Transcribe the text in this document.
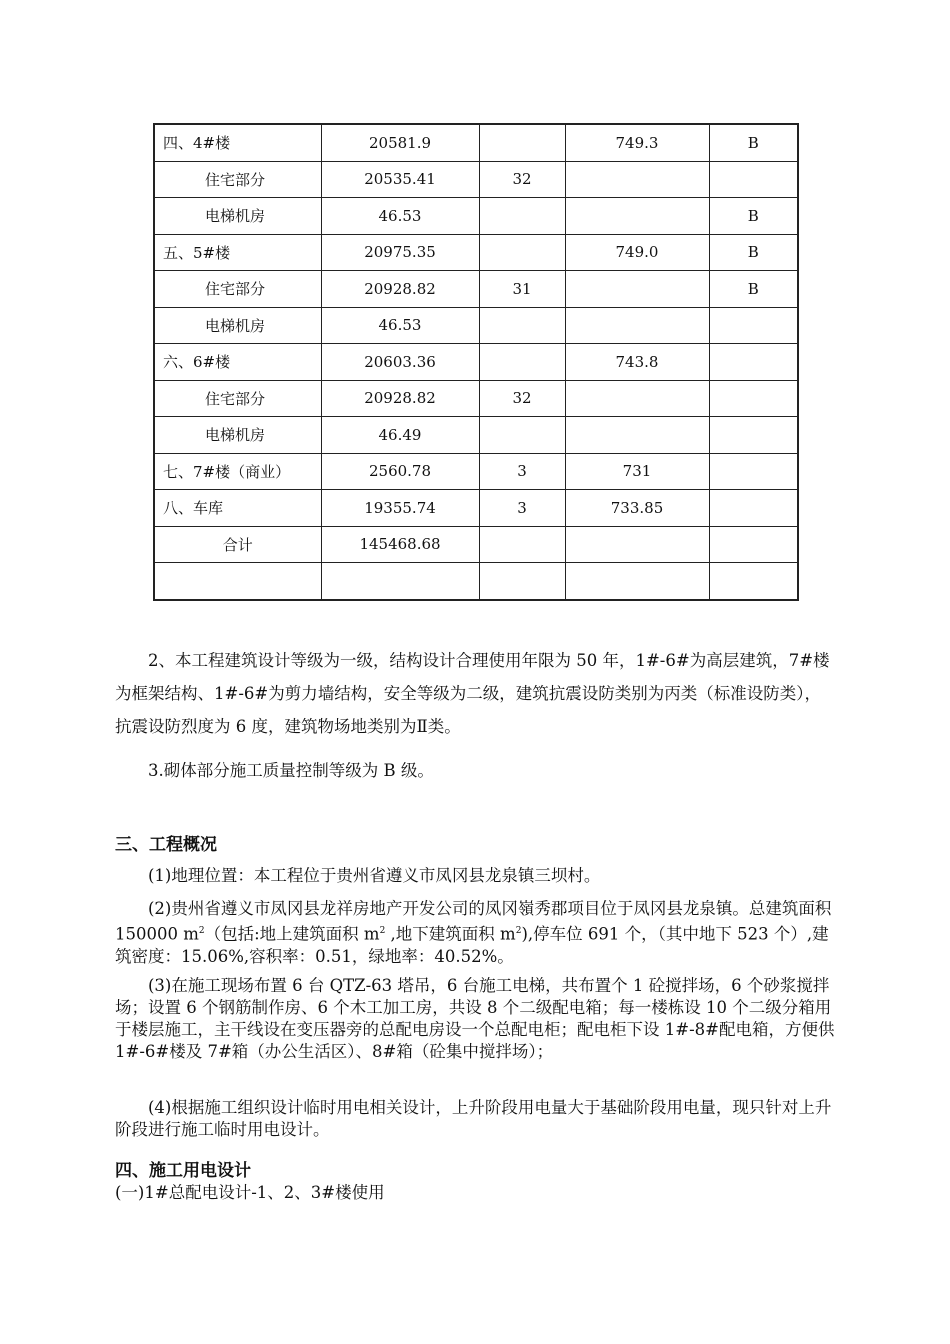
四、4#楼	20581.9		749.3	B
住宅部分	20535.41	32		
电梯机房	46.53			B
五、5#楼	20975.35		749.0	B
住宅部分	20928.82	31		B
电梯机房	46.53			
六、6#楼	20603.36		743.8	
住宅部分	20928.82	32		
电梯机房	46.49			
七、7#楼（商业）	2560.78	3	731	
八、车库	19355.74	3	733.85	
合计	145468.68			

2、本工程建筑设计等级为一级，结构设计合理使用年限为 50 年，1#-6#为高层建筑，7#楼为框架结构、1#-6#为剪力墙结构，安全等级为二级，建筑抗震设防类别为丙类（标准设防类），抗震设防烈度为 6 度，建筑物场地类别为Ⅱ类。

3.砌体部分施工质量控制等级为 B 级。

三、工程概况

(1)地理位置：本工程位于贵州省遵义市凤冈县龙泉镇三坝村。

(2)贵州省遵义市凤冈县龙祥房地产开发公司的凤冈嶺秀郡项目位于凤冈县龙泉镇。总建筑面积 150000 $m^2$（包括:地上建筑面积 $m^2$ ,地下建筑面积 $m^2$),停车位 691 个，（其中地下 523 个）,建筑密度：15.06%,容积率：0.51，绿地率：40.52%。

(3)在施工现场布置 6 台 QTZ-63 塔吊，6 台施工电梯，共布置个 1 砼搅拌场，6 个砂浆搅拌场；设置 6 个钢筋制作房、6 个木工加工房，共设 8 个二级配电箱；每一楼栋设 10 个二级分箱用于楼层施工，主干线设在变压器旁的总配电房设一个总配电柜；配电柜下设 1#-8#配电箱，方便供 1#-6#楼及 7#箱（办公生活区）、8#箱（砼集中搅拌场）；

(4)根据施工组织设计临时用电相关设计，上升阶段用电量大于基础阶段用电量，现只针对上升阶段进行施工临时用电设计。

四、施工用电设计

(一)1#总配电设计-1、2、3#楼使用
